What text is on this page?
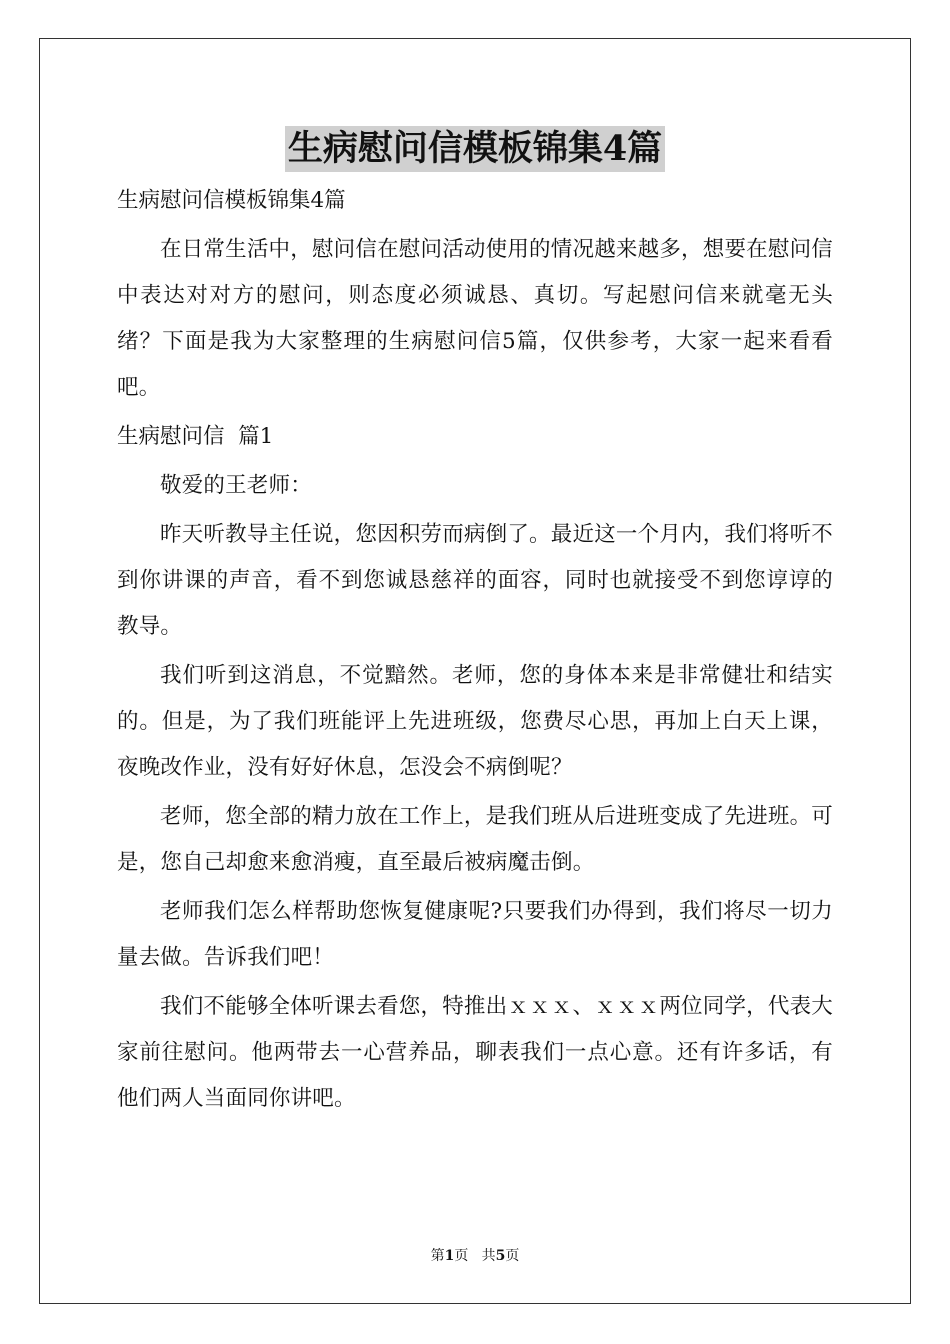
生病慰问信模板锦集4篇

生病慰问信模板锦集4篇

在日常生活中，慰问信在慰问活动使用的情况越来越多，想要在慰问信中表达对对方的慰问，则态度必须诚恳、真切。写起慰问信来就毫无头绪？下面是我为大家整理的生病慰问信5篇，仅供参考，大家一起来看看吧。

生病慰问信  篇1

敬爱的王老师：

昨天听教导主任说，您因积劳而病倒了。最近这一个月内，我们将听不到你讲课的声音，看不到您诚恳慈祥的面容，同时也就接受不到您谆谆的教导。

我们听到这消息，不觉黯然。老师，您的身体本来是非常健壮和结实的。但是，为了我们班能评上先进班级，您费尽心思，再加上白天上课，夜晚改作业，没有好好休息，怎没会不病倒呢？

老师，您全部的精力放在工作上，是我们班从后进班变成了先进班。可是，您自己却愈来愈消瘦，直至最后被病魔击倒。

老师我们怎么样帮助您恢复健康呢?只要我们办得到，我们将尽一切力量去做。告诉我们吧！

我们不能够全体听课去看您，特推出ｘｘｘ、ｘｘｘ两位同学，代表大家前往慰问。他两带去一心营养品，聊表我们一点心意。还有许多话，有他们两人当面同你讲吧。

第1页 共5页
